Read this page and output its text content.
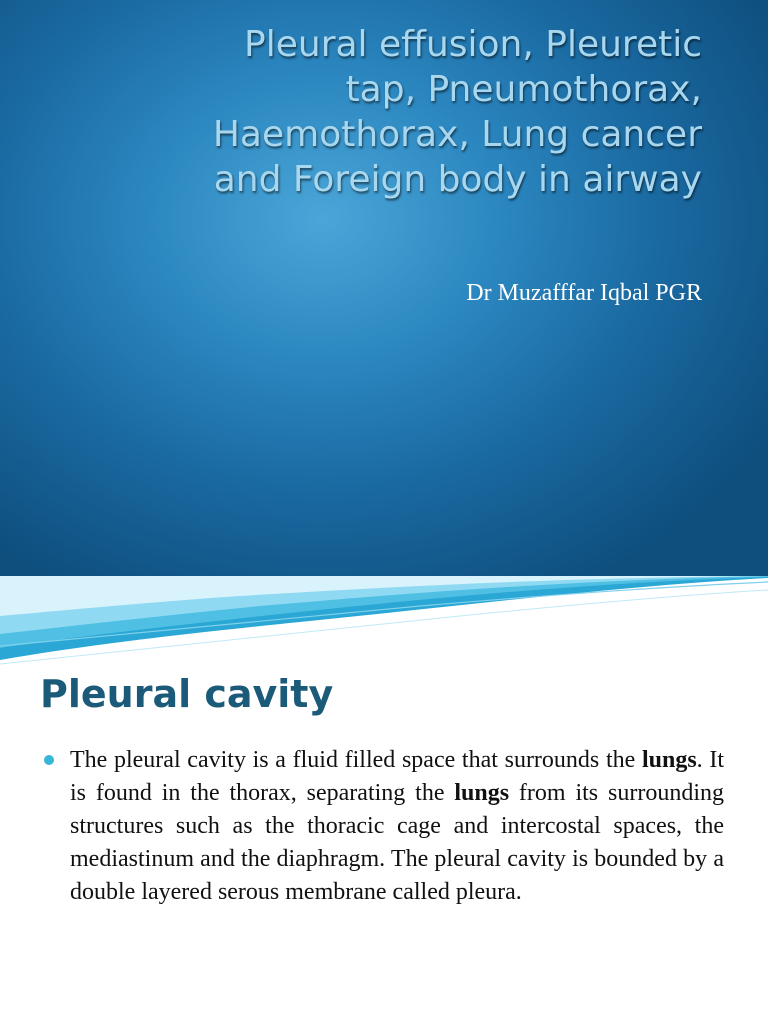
Pleural effusion, Pleuretic
tap, Pneumothorax,
Haemothorax, Lung cancer
and Foreign body in airway
Dr Muzafffar Iqbal PGR
Pleural cavity
The pleural cavity is a fluid filled space that surrounds the lungs. It is found in the thorax, separating the lungs from its surrounding structures such as the thoracic cage and intercostal spaces, the mediastinum and the diaphragm. The pleural cavity is bounded by a double layered serous membrane called pleura.
